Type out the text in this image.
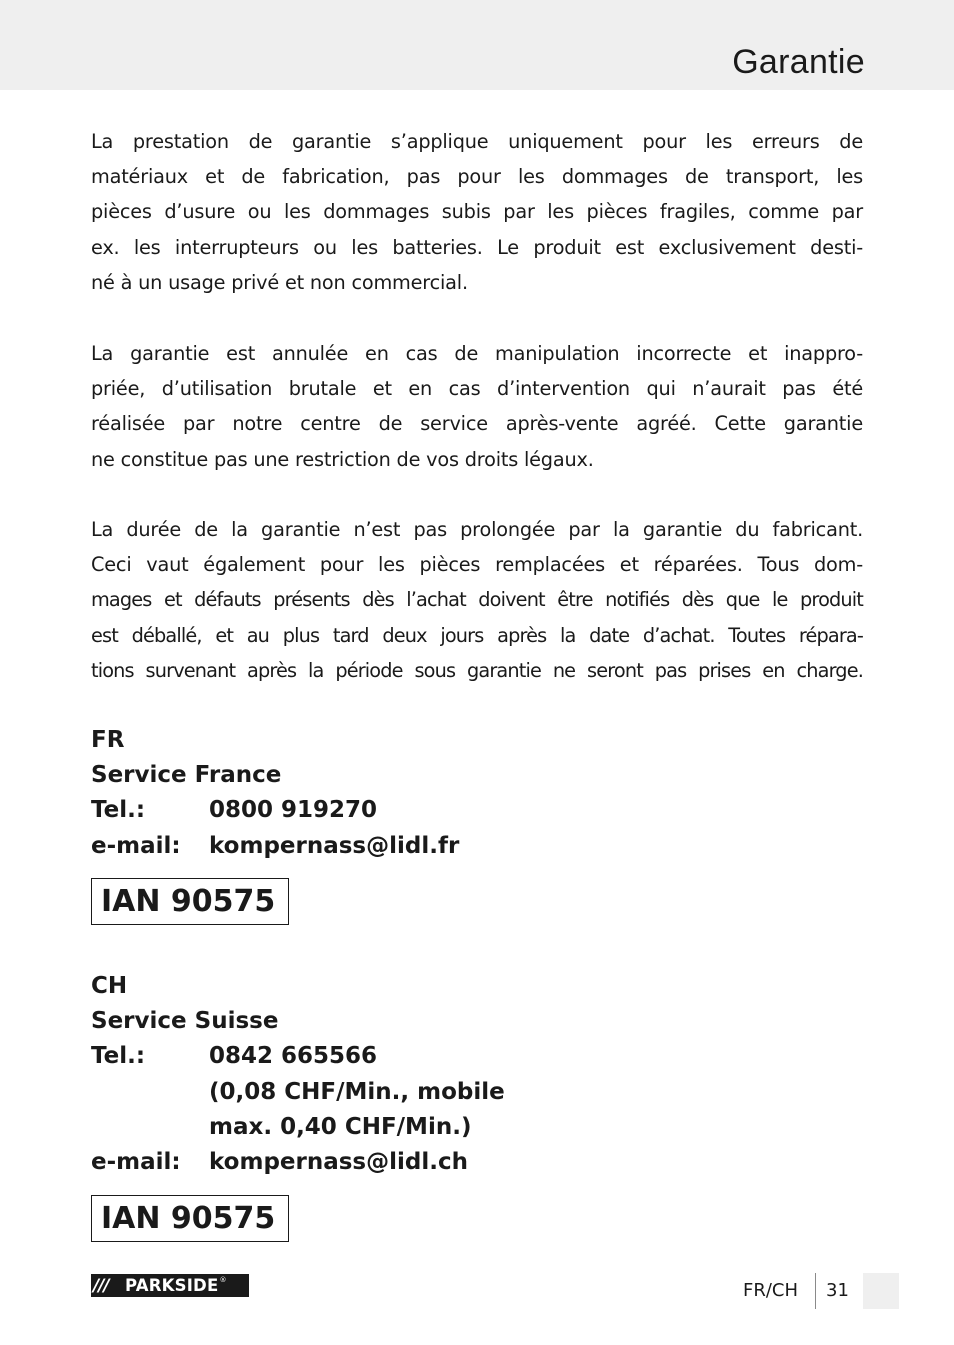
Garantie

La prestation de garantie s’applique uniquement pour les erreurs de
matériaux et de fabrication, pas pour les dommages de transport, les
pièces d’usure ou les dommages subis par les pièces fragiles, comme par
ex. les interrupteurs ou les batteries. Le produit est exclusivement desti-
né à un usage privé et non commercial.

La garantie est annulée en cas de manipulation incorrecte et inappro-
priée, d’utilisation brutale et en cas d’intervention qui n’aurait pas été
réalisée par notre centre de service après-vente agréé. Cette garantie
ne constitue pas une restriction de vos droits légaux.

La durée de la garantie n’est pas prolongée par la garantie du fabricant.
Ceci vaut également pour les pièces remplacées et réparées. Tous dom-
mages et défauts présents dès l’achat doivent être notifiés dès que le produit
est déballé, et au plus tard deux jours après la date d’achat. Toutes répara-
tions survenant après la période sous garantie ne seront pas prises en charge.

FR
Service France
Tel.:	0800 919270
e-mail: kompernass@lidl.fr
IAN 90575
CH
Service Suisse
Tel.:	0842 665566
(0,08 CHF/Min., mobile
max. 0,40 CHF/Min.)
e-mail: kompernass@lidl.ch
IAN 90575
/// PARKSIDE ®	FR/CH 31
